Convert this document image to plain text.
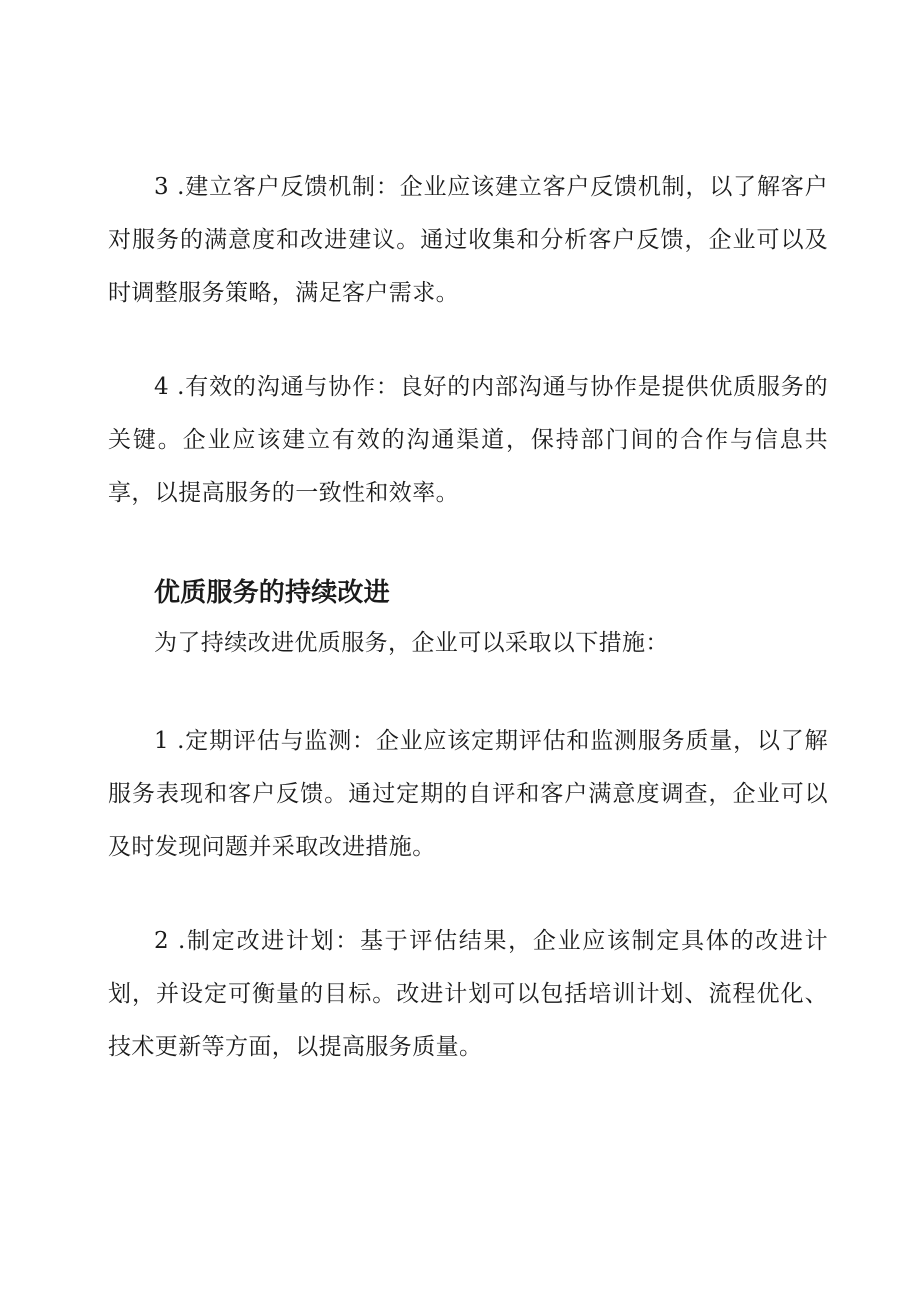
3 .建立客户反馈机制：企业应该建立客户反馈机制，以了解客户对服务的满意度和改进建议。通过收集和分析客户反馈，企业可以及时调整服务策略，满足客户需求。

4 .有效的沟通与协作：良好的内部沟通与协作是提供优质服务的关键。企业应该建立有效的沟通渠道，保持部门间的合作与信息共享，以提高服务的一致性和效率。

优质服务的持续改进

为了持续改进优质服务，企业可以采取以下措施：

1 .定期评估与监测：企业应该定期评估和监测服务质量，以了解服务表现和客户反馈。通过定期的自评和客户满意度调查，企业可以及时发现问题并采取改进措施。

2 .制定改进计划：基于评估结果，企业应该制定具体的改进计划，并设定可衡量的目标。改进计划可以包括培训计划、流程优化、技术更新等方面，以提高服务质量。
